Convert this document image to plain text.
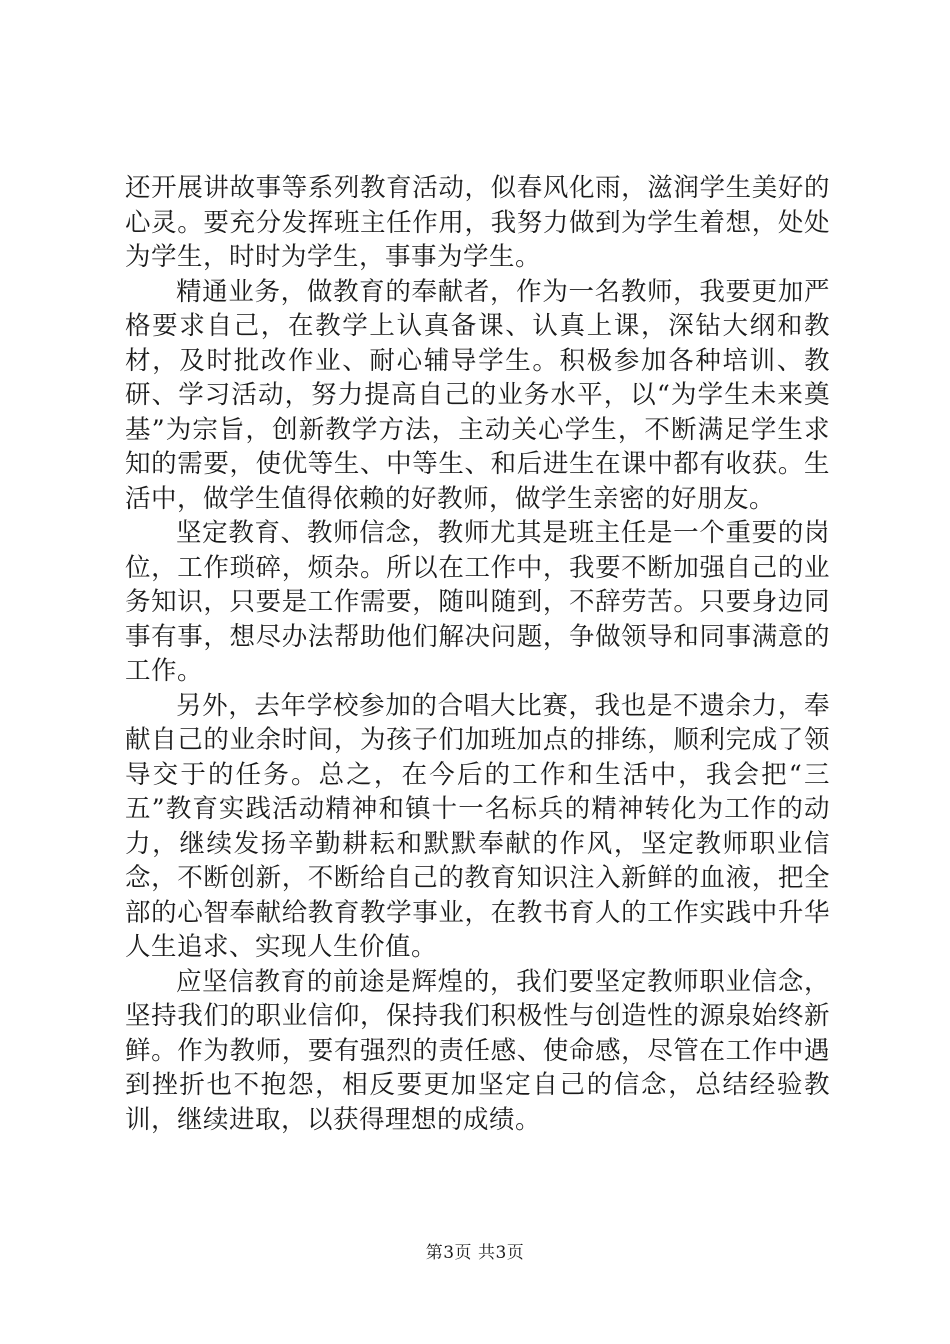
还开展讲故事等系列教育活动，似春风化雨，滋润学生美好的心灵。要充分发挥班主任作用，我努力做到为学生着想，处处为学生，时时为学生，事事为学生。

精通业务，做教育的奉献者，作为一名教师，我要更加严格要求自己，在教学上认真备课、认真上课，深钻大纲和教材，及时批改作业、耐心辅导学生。积极参加各种培训、教研、学习活动，努力提高自己的业务水平，以“为学生未来奠基”为宗旨，创新教学方法，主动关心学生，不断满足学生求知的需要，使优等生、中等生、和后进生在课中都有收获。生活中，做学生值得依赖的好教师，做学生亲密的好朋友。

坚定教育、教师信念，教师尤其是班主任是一个重要的岗位，工作琐碎，烦杂。所以在工作中，我要不断加强自己的业务知识，只要是工作需要，随叫随到，不辞劳苦。只要身边同事有事，想尽办法帮助他们解决问题，争做领导和同事满意的工作。

另外，去年学校参加的合唱大比赛，我也是不遗余力，奉献自己的业余时间，为孩子们加班加点的排练，顺利完成了领导交于的任务。总之，在今后的工作和生活中，我会把“三五”教育实践活动精神和镇十一名标兵的精神转化为工作的动力，继续发扬辛勤耕耘和默默奉献的作风，坚定教师职业信念，不断创新，不断给自己的教育知识注入新鲜的血液，把全部的心智奉献给教育教学事业，在教书育人的工作实践中升华人生追求、实现人生价值。

应坚信教育的前途是辉煌的，我们要坚定教师职业信念，坚持我们的职业信仰，保持我们积极性与创造性的源泉始终新鲜。作为教师，要有强烈的责任感、使命感，尽管在工作中遇到挫折也不抱怨，相反要更加坚定自己的信念，总结经验教训，继续进取，以获得理想的成绩。

第3页 共3页
